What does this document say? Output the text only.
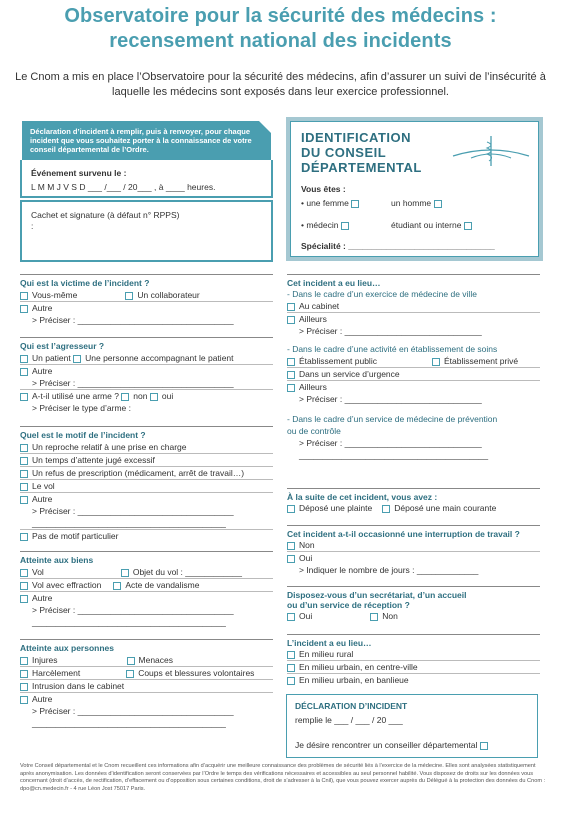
Observatoire pour la sécurité des médecins :
recensement national des incidents
Le Cnom a mis en place l’Observatoire pour la sécurité des médecins, afin d’assurer un suivi de l’insécurité à laquelle les médecins sont exposés dans leur exercice professionnel.
Déclaration d’incident à remplir, puis à renvoyer, pour chaque incident que vous souhaitez porter à la connaissance de votre conseil départemental de l’Ordre.
Événement survenu le :
L M M J V S D ___ /___ / 20___ , à ____ heures.
Cachet et signature (à défaut n° RPPS) :
IDENTIFICATION
DU CONSEIL
DÉPARTEMENTAL
Vous êtes :
• une femme	un homme
• médecin	étudiant ou interne
Spécialité : _______________________________
Qui est la victime de l’incident ?
Vous-même	Un collaborateur
Autre
> Préciser : _________________________________
Qui est l’agresseur ?
Un patient Une personne accompagnant le patient
Autre
> Préciser : _________________________________
A-t-il utilisé une arme ? non oui
> Préciser le type d’arme :
Quel est le motif de l’incident ?
Un reproche relatif à une prise en charge
Un temps d’attente jugé excessif
Un refus de prescription (médicament, arrêt de travail…)
Le vol
Autre
> Préciser : _________________________________
_________________________________________
Pas de motif particulier
Atteinte aux biens
Vol	Objet du vol : ____________
Vol avec effraction	Acte de vandalisme
Autre
> Préciser : _________________________________
_________________________________________
Atteinte aux personnes
Injures	Menaces
Harcèlement	Coups et blessures volontaires
Intrusion dans le cabinet
Autre
> Préciser : _________________________________
_________________________________________
Cet incident a eu lieu…
- Dans le cadre d’un exercice de médecine de ville
Au cabinet
Ailleurs
> Préciser : _____________________________
- Dans le cadre d’une activité en établissement de soins
Établissement public	Établissement privé
Dans un service d’urgence
Ailleurs
> Préciser : _____________________________
- Dans le cadre d’un service de médecine de prévention
ou de contrôle
> Préciser : _____________________________
________________________________________
À la suite de cet incident, vous avez :
Déposé une plainte	Déposé une main courante
Cet incident a-t-il occasionné une interruption de travail ?
Non
Oui
> Indiquer le nombre de jours : _____________
Disposez-vous d’un secrétariat, d’un accueil
ou d’un service de réception ?
Oui	Non
L’incident a eu lieu…
En milieu rural
En milieu urbain, en centre-ville
En milieu urbain, en banlieue
DÉCLARATION D’INCIDENT
remplie le ___ / ___ / 20 ___
Je désire rencontrer un conseiller départemental
Votre Conseil départemental et le Cnom recueillent ces informations afin d’acquérir une meilleure connaissance des problèmes de sécurité liés à l’exercice de la médecine. Elles sont analysées statistiquement après anonymisation. Les données d’identification seront conservées par l’Ordre le temps des vérifications nécessaires et accessibles au seul personnel habilité. Vous disposez de droits sur les données vous concernant (droit d’accès, de rectification, d’effacement ou d’opposition sous certaines conditions, droit de s’adresser à la Cnil), que vous pouvez exercer auprès du Délégué à la protection des données du Cnom : dpo@cn.medecin.fr - 4 rue Léon Jost 75017 Paris.
